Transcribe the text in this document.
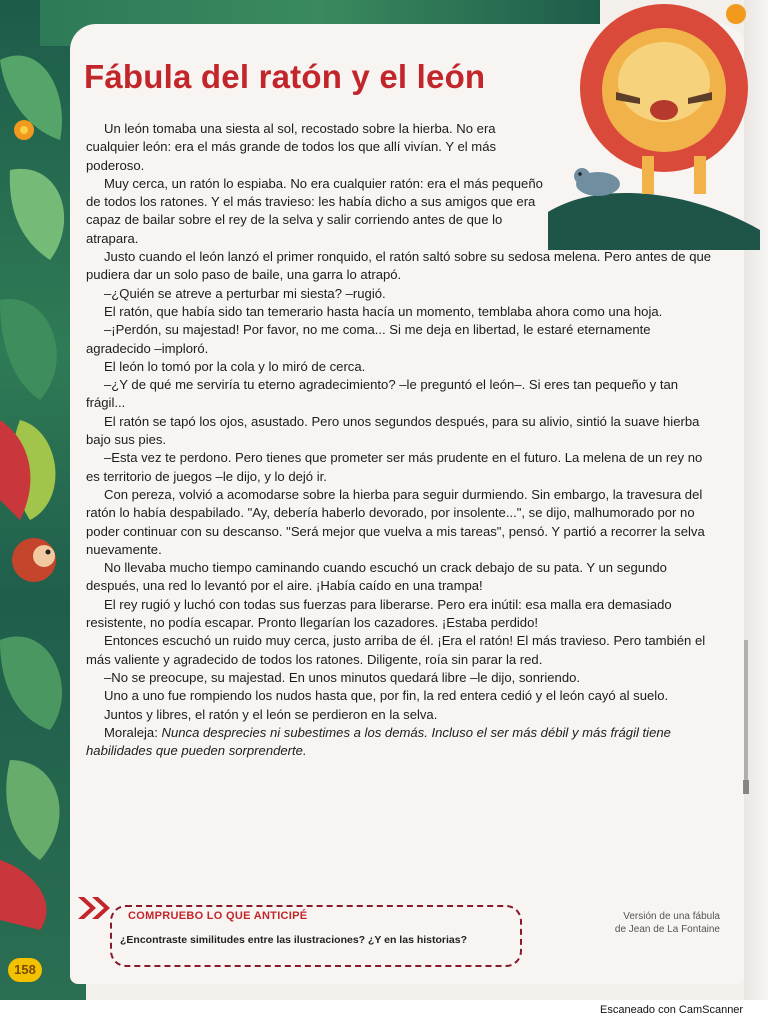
Fábula del ratón y el león

Un león tomaba una siesta al sol, recostado sobre la hierba. No era cualquier león: era el más grande de todos los que allí vivían. Y el más poderoso.

Muy cerca, un ratón lo espiaba. No era cualquier ratón: era el más pequeño de todos los ratones. Y el más travieso: les había dicho a sus amigos que era capaz de bailar sobre el rey de la selva y salir corriendo antes de que lo atrapara.

Justo cuando el león lanzó el primer ronquido, el ratón saltó sobre su sedosa melena. Pero antes de que pudiera dar un solo paso de baile, una garra lo atrapó.

–¿Quién se atreve a perturbar mi siesta? –rugió.

El ratón, que había sido tan temerario hasta hacía un momento, temblaba ahora como una hoja.

–¡Perdón, su majestad! Por favor, no me coma... Si me deja en libertad, le estaré eternamente agradecido –imploró.

El león lo tomó por la cola y lo miró de cerca.

–¿Y de qué me serviría tu eterno agradecimiento? –le preguntó el león–. Si eres tan pequeño y tan frágil...

El ratón se tapó los ojos, asustado. Pero unos segundos después, para su alivio, sintió la suave hierba bajo sus pies.

–Esta vez te perdono. Pero tienes que prometer ser más prudente en el futuro. La melena de un rey no es territorio de juegos –le dijo, y lo dejó ir.

Con pereza, volvió a acomodarse sobre la hierba para seguir durmiendo. Sin embargo, la travesura del ratón lo había despabilado. "Ay, debería haberlo devorado, por insolente...", se dijo, malhumorado por no poder continuar con su descanso. "Será mejor que vuelva a mis tareas", pensó. Y partió a recorrer la selva nuevamente.

No llevaba mucho tiempo caminando cuando escuchó un crack debajo de su pata. Y un segundo después, una red lo levantó por el aire. ¡Había caído en una trampa!

El rey rugió y luchó con todas sus fuerzas para liberarse. Pero era inútil: esa malla era demasiado resistente, no podía escapar. Pronto llegarían los cazadores. ¡Estaba perdido!

Entonces escuchó un ruido muy cerca, justo arriba de él. ¡Era el ratón! El más travieso. Pero también el más valiente y agradecido de todos los ratones. Diligente, roía sin parar la red.

–No se preocupe, su majestad. En unos minutos quedará libre –le dijo, sonriendo.

Uno a uno fue rompiendo los nudos hasta que, por fin, la red entera cedió y el león cayó al suelo.

Juntos y libres, el ratón y el león se perdieron en la selva.

Moraleja: Nunca desprecies ni subestimes a los demás. Incluso el ser más débil y más frágil tiene habilidades que pueden sorprenderte.

COMPRUEBO LO QUE ANTICIPÉ
¿Encontraste similitudes entre las ilustraciones? ¿Y en las historias?
Versión de una fábula
de Jean de La Fontaine
158
Escaneado con CamScanner
